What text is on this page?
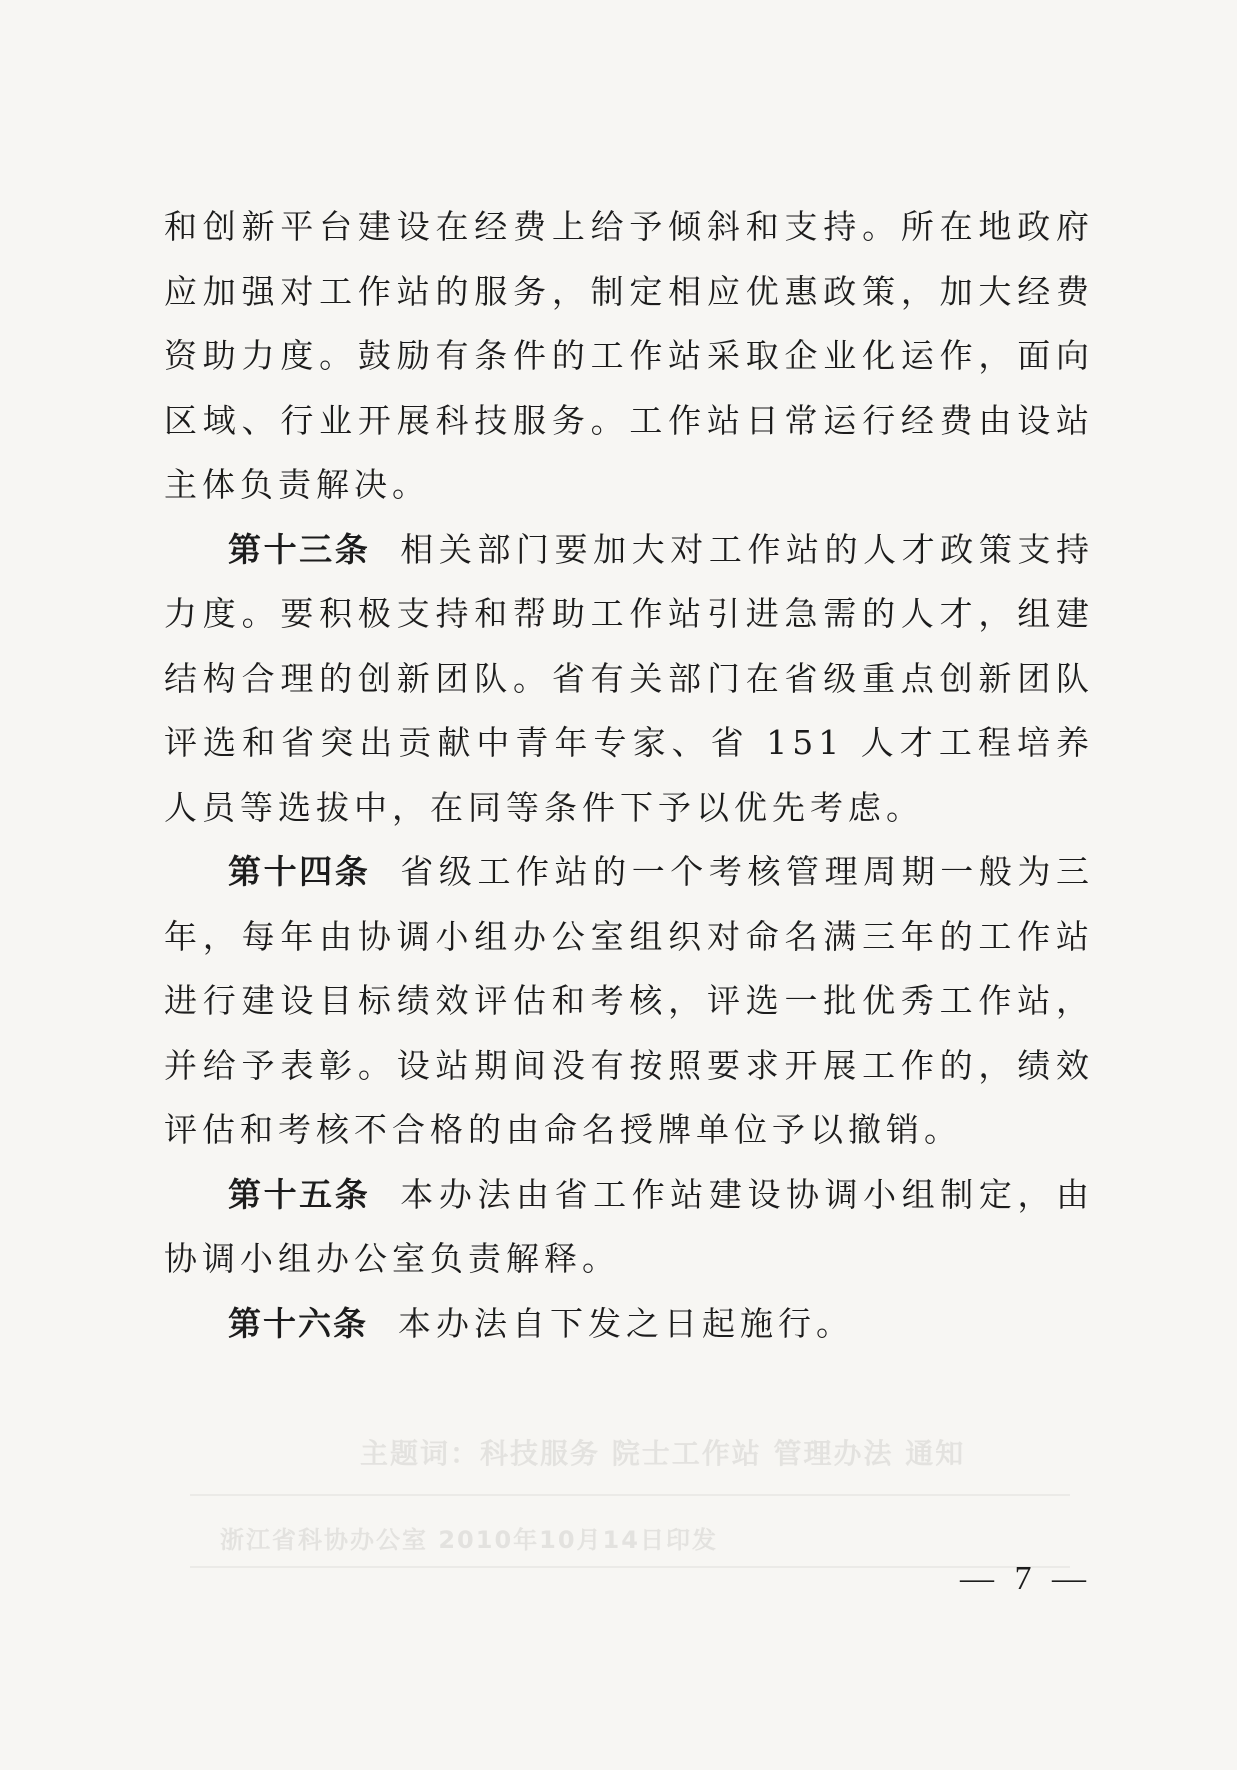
和创新平台建设在经费上给予倾斜和支持。所在地政府应加强对工作站的服务，制定相应优惠政策，加大经费资助力度。鼓励有条件的工作站采取企业化运作，面向区域、行业开展科技服务。工作站日常运行经费由设站主体负责解决。

第十三条 相关部门要加大对工作站的人才政策支持力度。要积极支持和帮助工作站引进急需的人才，组建结构合理的创新团队。省有关部门在省级重点创新团队评选和省突出贡献中青年专家、省 151 人才工程培养人员等选拔中，在同等条件下予以优先考虑。

第十四条 省级工作站的一个考核管理周期一般为三年，每年由协调小组办公室组织对命名满三年的工作站进行建设目标绩效评估和考核，评选一批优秀工作站，并给予表彰。设站期间没有按照要求开展工作的，绩效评估和考核不合格的由命名授牌单位予以撤销。

第十五条 本办法由省工作站建设协调小组制定，由协调小组办公室负责解释。

第十六条 本办法自下发之日起施行。

主题词：科技服务 院士工作站 管理办法 通知
浙江省科协办公室 2010年10月14日印发
— 7 —
